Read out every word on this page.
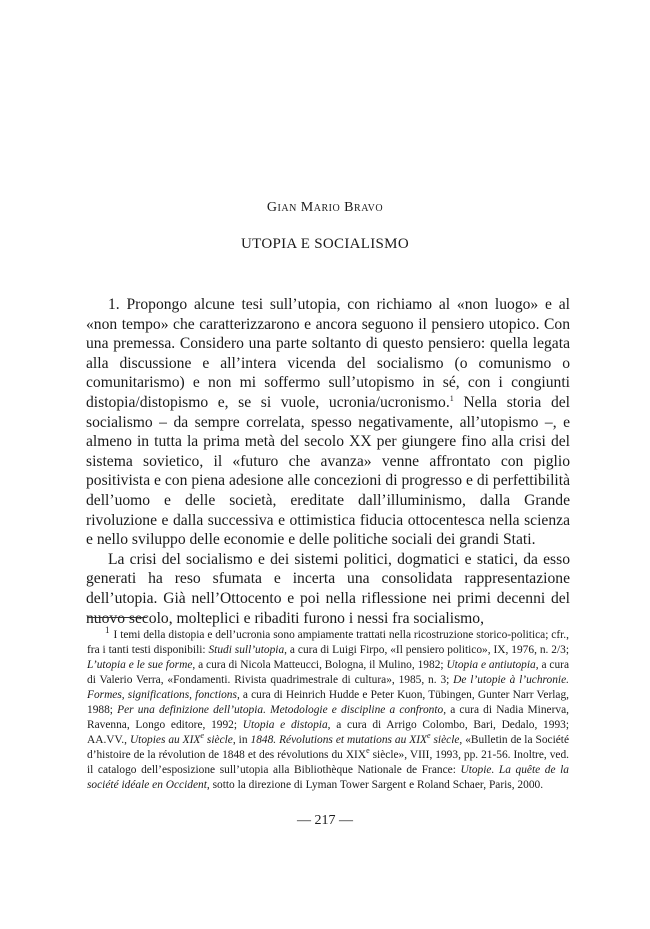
Gian Mario Bravo
UTOPIA E SOCIALISMO

1. Propongo alcune tesi sull’utopia, con richiamo al «non luogo» e al «non tempo» che caratterizzarono e ancora seguono il pensiero utopico. Con una premessa. Considero una parte soltanto di questo pensiero: quella legata alla discussione e all’intera vicenda del socialismo (o comunismo o comunitarismo) e non mi soffermo sull’utopismo in sé, con i congiunti distopia/distopismo e, se si vuole, ucronia/ucronismo.$^1$ Nella storia del socialismo – da sempre correlata, spesso negativamente, all’utopismo –, e almeno in tutta la prima metà del secolo XX per giungere fino alla crisi del sistema sovietico, il «futuro che avanza» venne affrontato con piglio positivista e con piena adesione alle concezioni di progresso e di perfettibilità dell’uomo e delle società, ereditate dall’illuminismo, dalla Grande rivoluzione e dalla successiva e ottimistica fiducia ottocentesca nella scienza e nello sviluppo delle economie e delle politiche sociali dei grandi Stati.

La crisi del socialismo e dei sistemi politici, dogmatici e statici, da esso generati ha reso sfumata e incerta una consolidata rappresentazione dell’utopia. Già nell’Ottocento e poi nella riflessione nei primi decenni del nuovo secolo, molteplici e ribaditi furono i nessi fra socialismo,

$^1$ I temi della distopia e dell’ucronia sono ampiamente trattati nella ricostruzione storico-politica; cfr., fra i tanti testi disponibili: Studi sull’utopia, a cura di Luigi Firpo, «Il pensiero politico», IX, 1976, n. 2/3; L’utopia e le sue forme, a cura di Nicola Matteucci, Bologna, il Mulino, 1982; Utopia e antiutopia, a cura di Valerio Verra, «Fondamenti. Rivista quadrimestrale di cultura», 1985, n. 3; De l’utopie à l’uchronie. Formes, significations, fonctions, a cura di Heinrich Hudde e Peter Kuon, Tübingen, Gunter Narr Verlag, 1988; Per una definizione dell’utopia. Metodologie e discipline a confronto, a cura di Nadia Minerva, Ravenna, Longo editore, 1992; Utopia e distopia, a cura di Arrigo Colombo, Bari, Dedalo, 1993; AA.VV., Utopies au XIXe siècle, in 1848. Révolutions et mutations au XIXe siècle, «Bulletin de la Société d’histoire de la révolution de 1848 et des révolutions du XIXe siècle», VIII, 1993, pp. 21-56. Inoltre, ved. il catalogo dell’esposizione sull’utopia alla Bibliothèque Nationale de France: Utopie. La quête de la société idéale en Occident, sotto la direzione di Lyman Tower Sargent e Roland Schaer, Paris, 2000.

— 217 —
